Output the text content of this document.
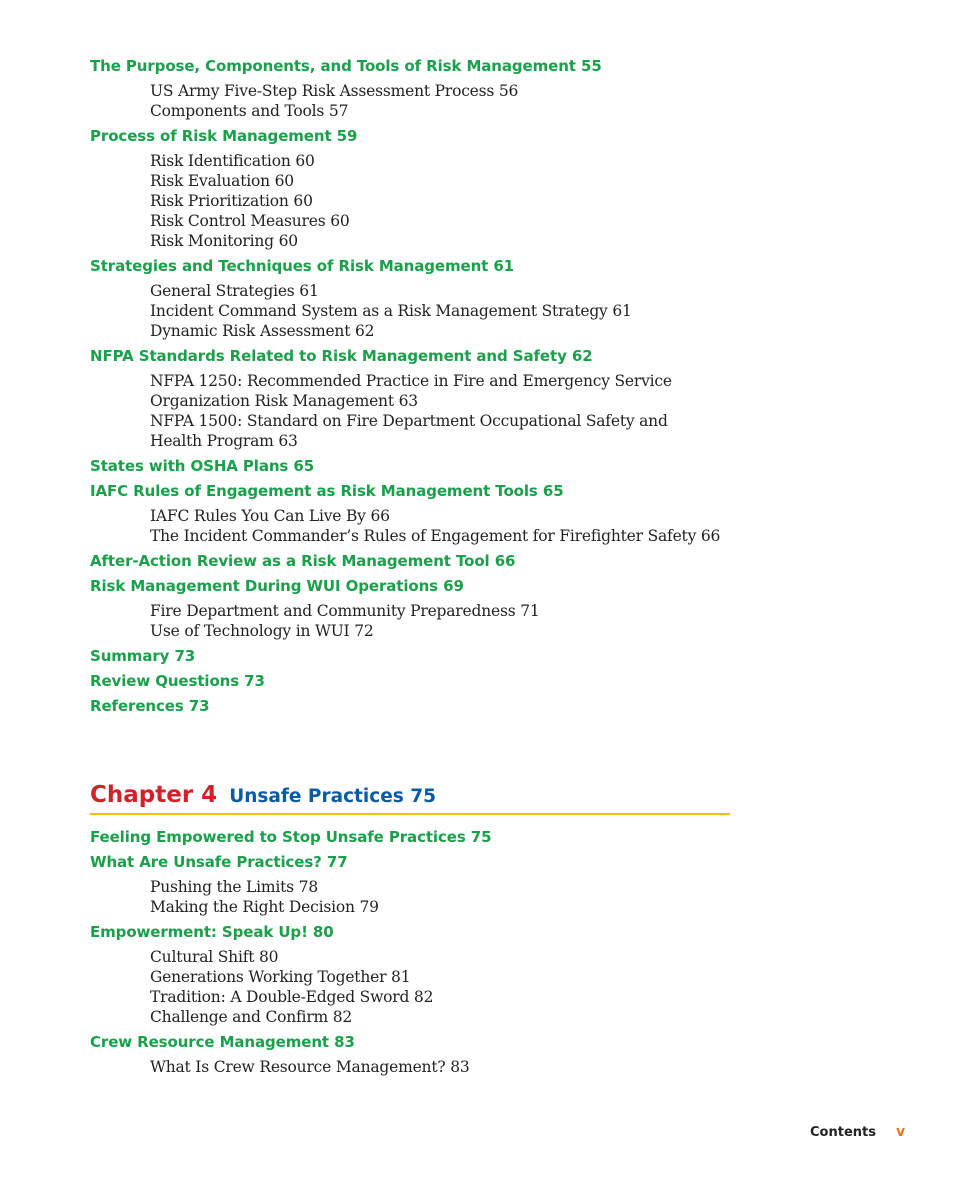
The Purpose, Components, and Tools of Risk Management 55
US Army Five-Step Risk Assessment Process 56
Components and Tools 57
Process of Risk Management 59
Risk Identification 60
Risk Evaluation 60
Risk Prioritization 60
Risk Control Measures 60
Risk Monitoring 60
Strategies and Techniques of Risk Management 61
General Strategies 61
Incident Command System as a Risk Management Strategy 61
Dynamic Risk Assessment 62
NFPA Standards Related to Risk Management and Safety 62
NFPA 1250: Recommended Practice in Fire and Emergency Service
Organization Risk Management 63
NFPA 1500: Standard on Fire Department Occupational Safety and
Health Program 63
States with OSHA Plans 65
IAFC Rules of Engagement as Risk Management Tools 65
IAFC Rules You Can Live By 66
The Incident Commander’s Rules of Engagement for Firefighter Safety 66
After-Action Review as a Risk Management Tool 66
Risk Management During WUI Operations 69
Fire Department and Community Preparedness 71
Use of Technology in WUI 72
Summary 73
Review Questions 73
References 73
Chapter 4 Unsafe Practices 75
Feeling Empowered to Stop Unsafe Practices 75
What Are Unsafe Practices? 77
Pushing the Limits 78
Making the Right Decision 79
Empowerment: Speak Up! 80
Cultural Shift 80
Generations Working Together 81
Tradition: A Double-Edged Sword 82
Challenge and Confirm 82
Crew Resource Management 83
What Is Crew Resource Management? 83
Contents v
